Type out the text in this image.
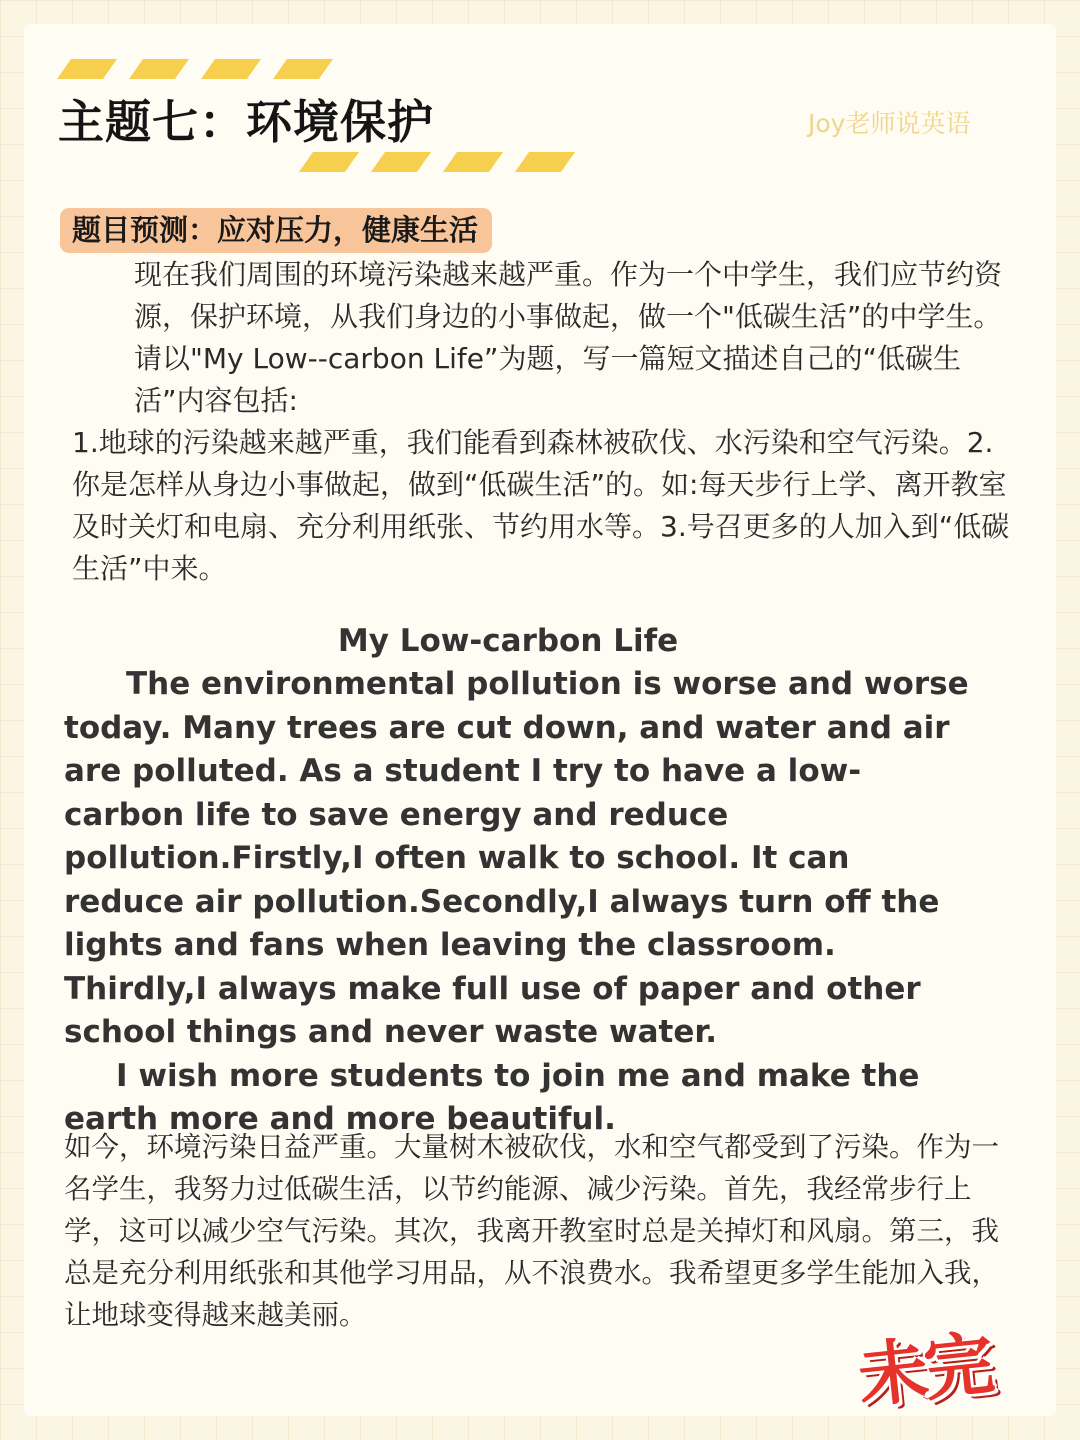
主题七：环境保护	Joy老师说英语
题目预测：应对压力，健康生活
现在我们周围的环境污染越来越严重。作为一个中学生，我们应节约资源，保护环境，从我们身边的小事做起，做一个"低碳生活”的中学生。请以"My Low--carbon Life”为题，写一篇短文描述自己的“低碳生活”内容包括:
1.地球的污染越来越严重，我们能看到森林被砍伐、水污染和空气污染。2.你是怎样从身边小事做起，做到“低碳生活”的。如:每天步行上学、离开教室及时关灯和电扇、充分利用纸张、节约用水等。3.号召更多的人加入到“低碳生活”中来。
My Low-carbon Life

The environmental pollution is worse and worse today. Many trees are cut down, and water and air are polluted. As a student I try to have a low-carbon life to save energy and reduce pollution.Firstly,I often walk to school. It can reduce air pollution.Secondly,I always turn off the lights and fans when leaving the classroom. Thirdly,I always make full use of paper and other school things and never waste water.

I wish more students to join me and make the earth more and more beautiful.

如今，环境污染日益严重。大量树木被砍伐，水和空气都受到了污染。作为一名学生，我努力过低碳生活，以节约能源、减少污染。首先，我经常步行上学，这可以减少空气污染。其次，我离开教室时总是关掉灯和风扇。第三，我总是充分利用纸张和其他学习用品，从不浪费水。我希望更多学生能加入我，让地球变得越来越美丽。

未完
